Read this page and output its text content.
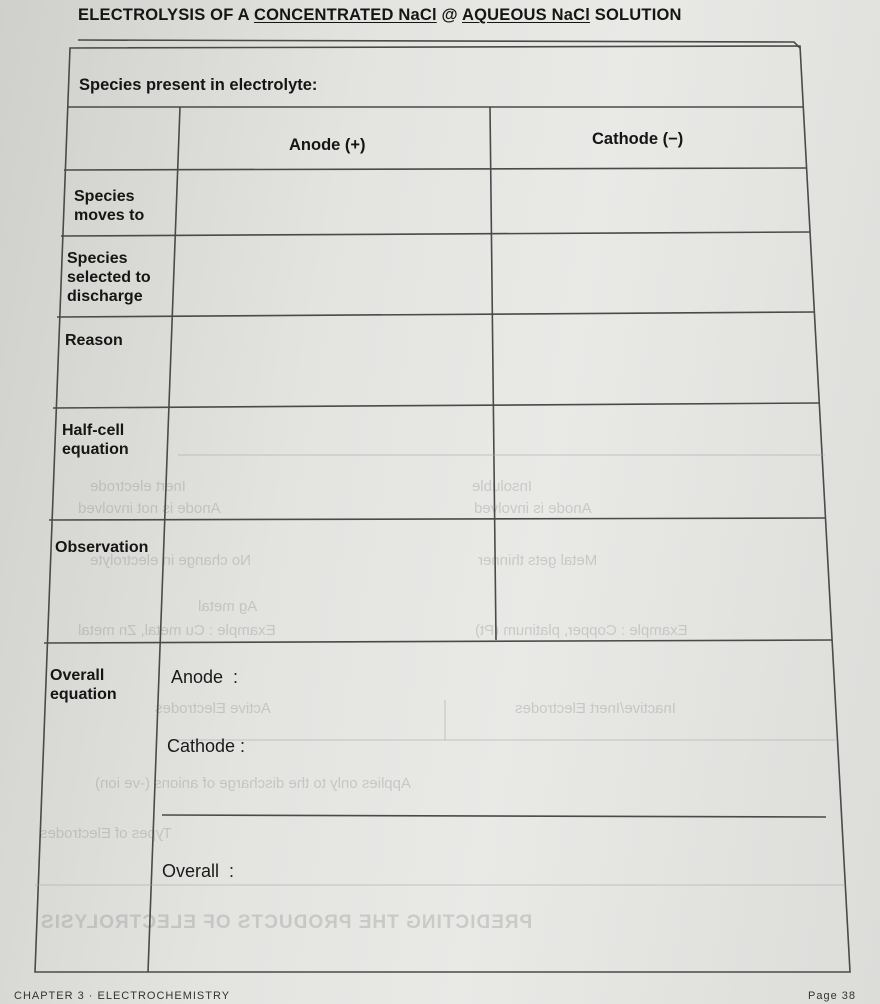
ELECTROLYSIS OF A CONCENTRATED NaCl @ AQUEOUS NaCl SOLUTION
Inert electrode
Anode is not involved
No change in electrolyte
Ag metal
Example : Cu metal, Zn metal
Insoluble
Anode is involved
Metal gets thinner
Example : Copper, platinum (Pt)
Active Electrodes	Inactive/Inert Electrodes
Applies only to the discharge of anions (-ve ion)
Types of Electrodes
PREDICTING THE PRODUCTS OF ELECTROLYSIS
Species present in electrolyte:
Anode (+)	Cathode (−)
Species moves to
Species selected to discharge
Reason
Half-cell equation
Observation
Overall equation
Anode  :
Cathode :
Overall  :
CHAPTER 3 · ELECTROCHEMISTRY	Page 38
